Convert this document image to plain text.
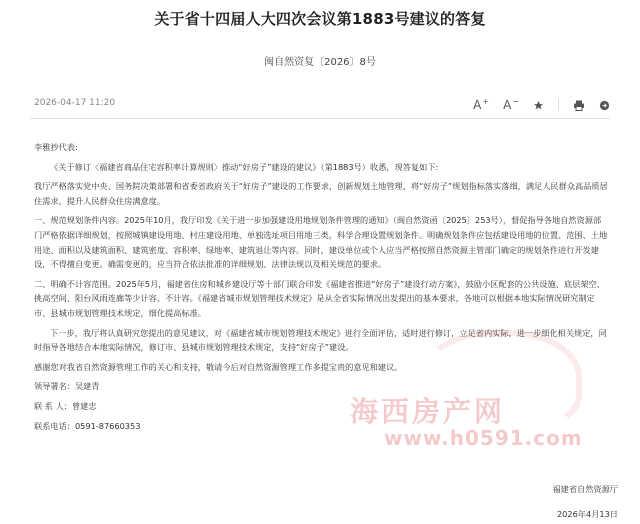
关于省十四届人大四次会议第1883号建议的答复
闽自然资复〔2026〕8号
2026-04-17 11:20	A + A −

李雅抄代表:

《关于修订〈福建省商品住宅容积率计算规则〉推动“好房子”建设的建议》（第1883号）收悉，现答复如下:

我厅严格落实党中央、国务院决策部署和省委省政府关于“好房子”建设的工作要求，创新规划土地管理，将“好房子”规划指标落实落细，满足人民群众高品质居住需求，提升人民群众住房满意度。

一、规范规划条件内容。2025年10月，我厅印发《关于进一步加强建设用地规划条件管理的通知》（闽自然资函〔2025〕253号），督促指导各地自然资源部门严格依据详细规划，按照城镇建设用地、村庄建设用地、单独选址项目用地三类，科学合理设置规划条件。明确规划条件应包括建设用地的位置、范围、土地用途、面积以及建筑面积、建筑密度、容积率、绿地率、建筑退让等内容。同时，建设单位或个人应当严格按照自然资源主管部门确定的规划条件进行开发建设，不得擅自变更。确需变更的，应当符合依法批准的详细规划、法律法规以及相关规范的要求。

二、明确不计容范围。2025年5月，福建省住房和城乡建设厅等十部门联合印发《福建省推进“好房子”建设行动方案》，鼓励小区配套的公共设施、底层架空、挑高空间、阳台风雨连廊等少计容、不计容。《福建省城市规划管理技术规定》是从全省实际情况出发提出的基本要求，各地可以根据本地实际情况研究制定市、县城市规划管理技术规定，细化提高标准。

下一步，我厅将认真研究您提出的意见建议，对《福建省城市规划管理技术规定》进行全面评估，适时进行修订，立足省内实际，进一步细化相关规定，同时指导各地结合本地实际情况，修订市、县城市规划管理技术规定，支持“好房子”建设。

感谢您对我省自然资源管理工作的关心和支持，敬请今后对自然资源管理工作多提宝贵的意见和建议。

领导署名：吴建青

联 系 人：曾建忠

联系电话：0591-87660353	海西房产网
www.h0591.com
福建省自然资源厅
2026年4月13日
